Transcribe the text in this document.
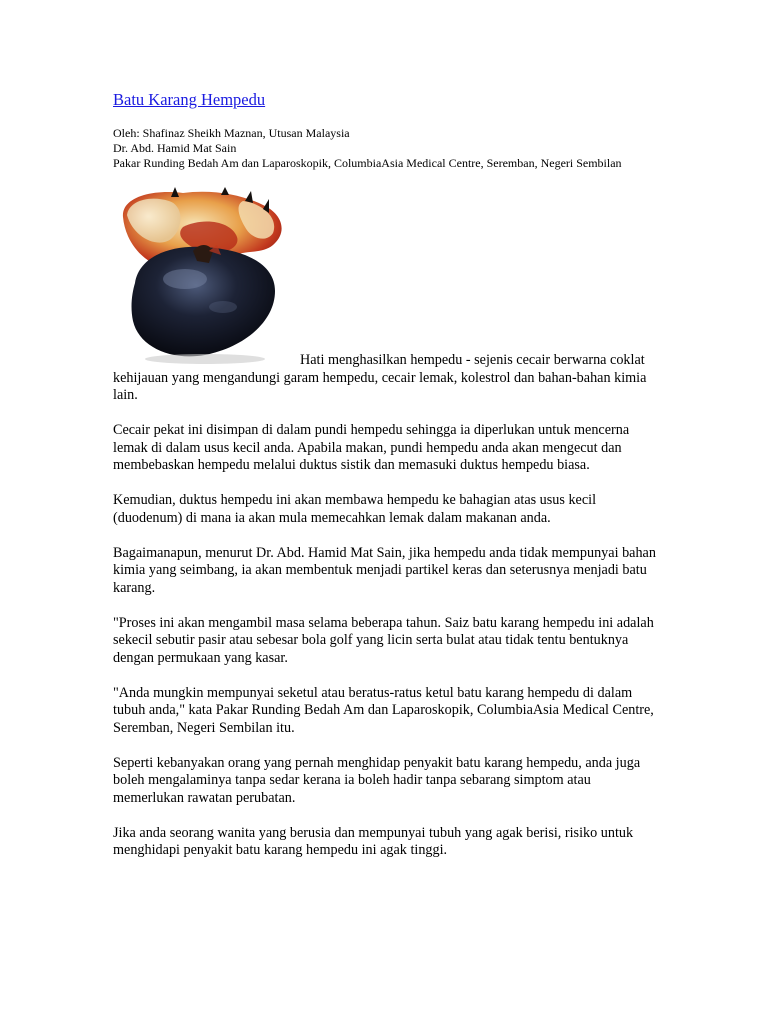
Batu Karang Hempedu
Oleh: Shafinaz Sheikh Maznan, Utusan Malaysia
Dr. Abd. Hamid Mat Sain
Pakar Runding Bedah Am dan Laparoskopik, ColumbiaAsia Medical Centre, Seremban, Negeri Sembilan

Hati menghasilkan hempedu - sejenis cecair berwarna coklat kehijauan yang mengandungi garam hempedu, cecair lemak, kolestrol dan bahan-bahan kimia lain.

Cecair pekat ini disimpan di dalam pundi hempedu sehingga ia diperlukan untuk mencerna lemak di dalam usus kecil anda. Apabila makan, pundi hempedu anda akan mengecut dan membebaskan hempedu melalui duktus sistik dan memasuki duktus hempedu biasa.

Kemudian, duktus hempedu ini akan membawa hempedu ke bahagian atas usus kecil (duodenum) di mana ia akan mula memecahkan lemak dalam makanan anda.

Bagaimanapun, menurut Dr. Abd. Hamid Mat Sain, jika hempedu anda tidak mempunyai bahan kimia yang seimbang, ia akan membentuk menjadi partikel keras dan seterusnya menjadi batu karang.

"Proses ini akan mengambil masa selama beberapa tahun. Saiz batu karang hempedu ini adalah sekecil sebutir pasir atau sebesar bola golf yang licin serta bulat atau tidak tentu bentuknya dengan permukaan yang kasar.

"Anda mungkin mempunyai seketul atau beratus-ratus ketul batu karang hempedu di dalam tubuh anda," kata Pakar Runding Bedah Am dan Laparoskopik, ColumbiaAsia Medical Centre, Seremban, Negeri Sembilan itu.

Seperti kebanyakan orang yang pernah menghidap penyakit batu karang hempedu, anda juga boleh mengalaminya tanpa sedar kerana ia boleh hadir tanpa sebarang simptom atau memerlukan rawatan perubatan.

Jika anda seorang wanita yang berusia dan mempunyai tubuh yang agak berisi, risiko untuk menghidapi penyakit batu karang hempedu ini agak tinggi.
